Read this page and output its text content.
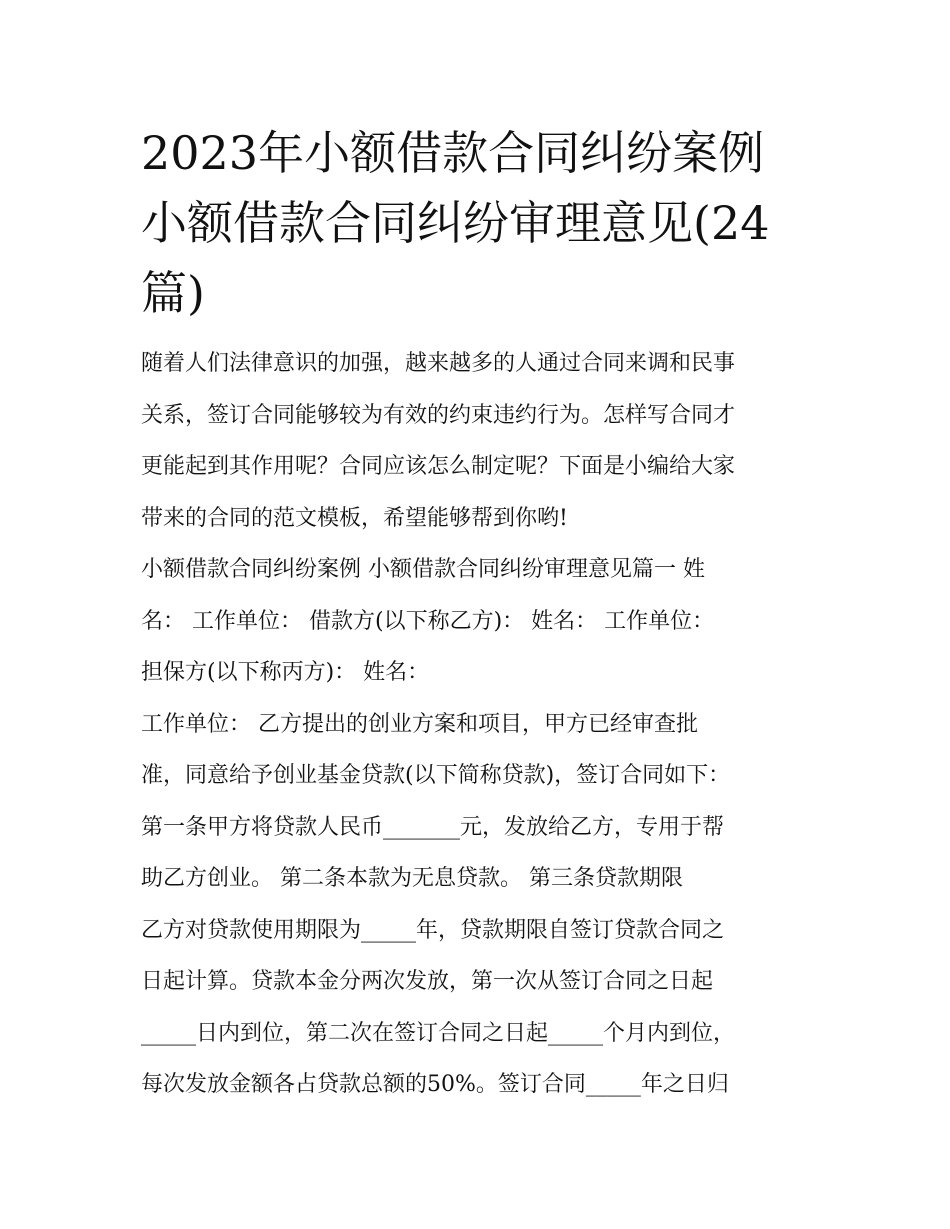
2023年小额借款合同纠纷案例
小额借款合同纠纷审理意见(24
篇)
随着人们法律意识的加强，越来越多的人通过合同来调和民事
关系，签订合同能够较为有效的约束违约行为。怎样写合同才
更能起到其作用呢？合同应该怎么制定呢？下面是小编给大家
带来的合同的范文模板，希望能够帮到你哟!
小额借款合同纠纷案例 小额借款合同纠纷审理意见篇一 姓
名： 工作单位： 借款方(以下称乙方)： 姓名： 工作单位：
担保方(以下称丙方)： 姓名：
工作单位： 乙方提出的创业方案和项目，甲方已经审查批
准，同意给予创业基金贷款(以下简称贷款)，签订合同如下：
第一条甲方将贷款人民币_______元，发放给乙方，专用于帮
助乙方创业。 第二条本款为无息贷款。 第三条贷款期限
乙方对贷款使用期限为_____年，贷款期限自签订贷款合同之
日起计算。贷款本金分两次发放，第一次从签订合同之日起
_____日内到位，第二次在签订合同之日起_____个月内到位，
每次发放金额各占贷款总额的50%。签订合同_____年之日归
